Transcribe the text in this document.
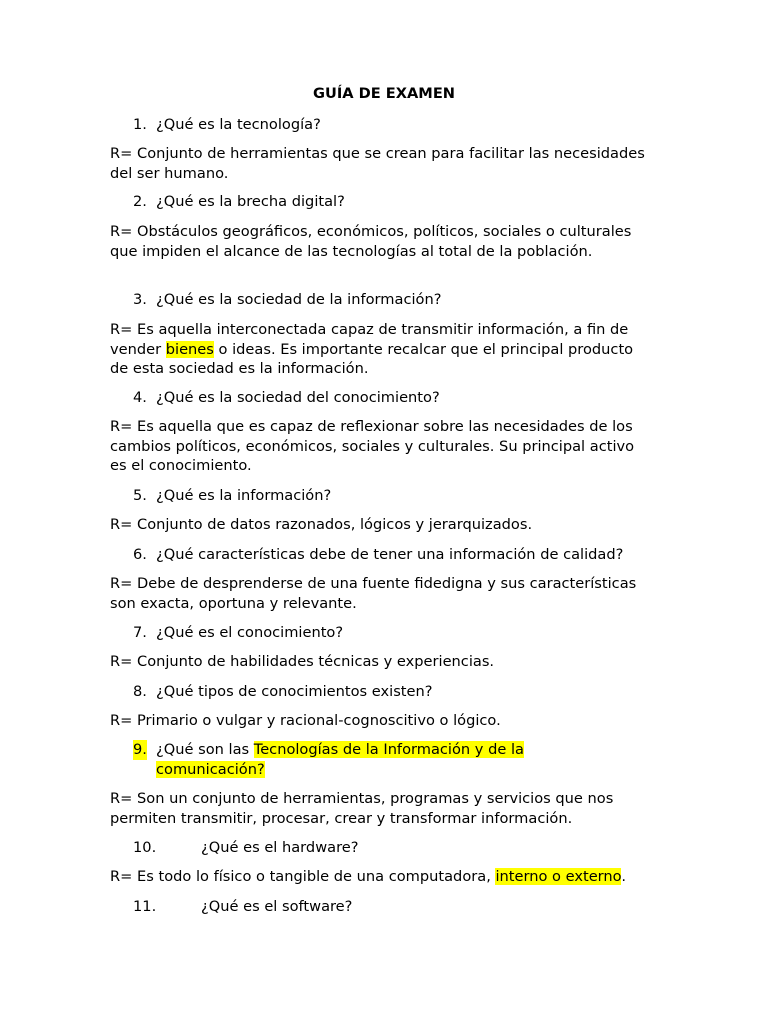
GUÍA DE EXAMEN
1. ¿Qué es la tecnología?
R= Conjunto de herramientas que se crean para facilitar las necesidades del ser humano.
2. ¿Qué es la brecha digital?
R= Obstáculos geográficos, económicos, políticos, sociales o culturales que impiden el alcance de las tecnologías al total de la población.
3. ¿Qué es la sociedad de la información?
R= Es aquella interconectada capaz de transmitir información, a fin de vender bienes o ideas. Es importante recalcar que el principal producto de esta sociedad es la información.
4. ¿Qué es la sociedad del conocimiento?
R= Es aquella que es capaz de reflexionar sobre las necesidades de los cambios políticos, económicos, sociales y culturales. Su principal activo es el conocimiento.
5. ¿Qué es la información?
R= Conjunto de datos razonados, lógicos y jerarquizados.
6. ¿Qué características debe de tener una información de calidad?
R= Debe de desprenderse de una fuente fidedigna y sus características son exacta, oportuna y relevante.
7. ¿Qué es el conocimiento?
R= Conjunto de habilidades técnicas y experiencias.
8. ¿Qué tipos de conocimientos existen?
R= Primario o vulgar y racional-cognoscitivo o lógico.
9. ¿Qué son las Tecnologías de la Información y de la
comunicación?
R= Son un conjunto de herramientas, programas y servicios que nos permiten transmitir, procesar, crear y transformar información.
10.	¿Qué es el hardware?
R= Es todo lo físico o tangible de una computadora, interno o externo.
11.	¿Qué es el software?
